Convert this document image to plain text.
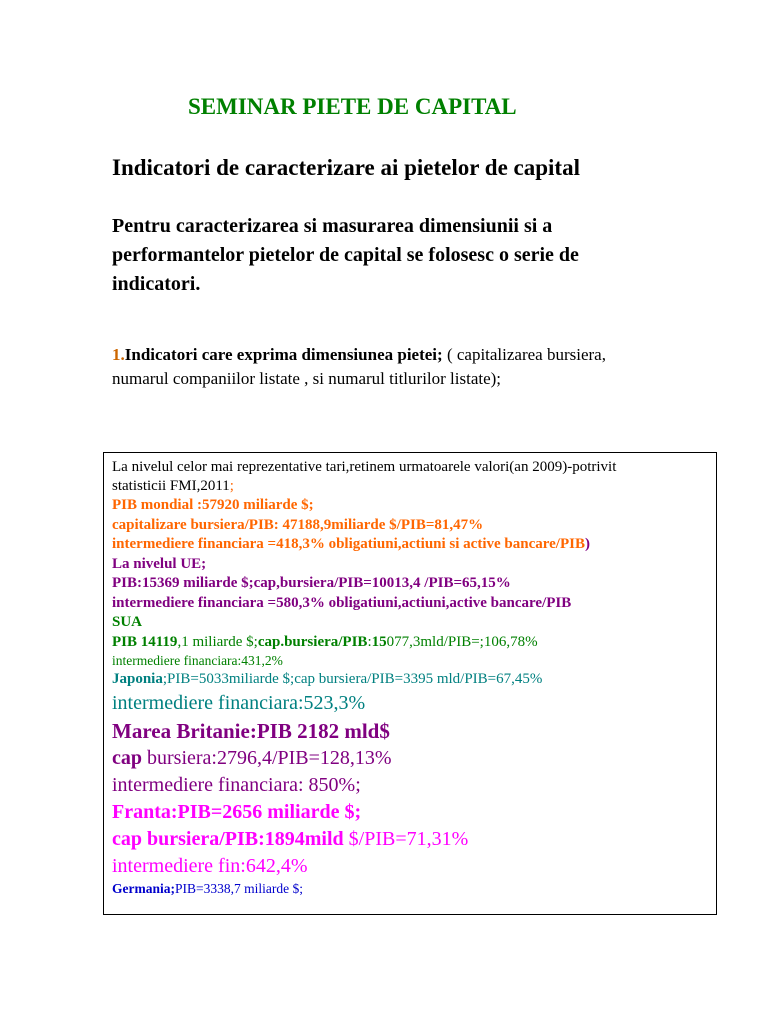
SEMINAR PIETE DE CAPITAL
Indicatori de caracterizare ai pietelor de capital
Pentru caracterizarea si masurarea dimensiunii si a
performantelor pietelor de capital se folosesc o serie de
indicatori.
1.Indicatori care exprima dimensiunea pietei; ( capitalizarea bursiera,
numarul companiilor listate , si numarul titlurilor listate);
La nivelul celor mai reprezentative tari,retinem urmatoarele valori(an 2009)-potrivit
statisticii FMI,2011;
PIB mondial :57920 miliarde $;
capitalizare bursiera/PIB: 47188,9miliarde $/PIB=81,47%
intermediere financiara =418,3% obligatiuni,actiuni si active bancare/PIB)
La nivelul UE;
PIB:15369 miliarde $;cap,bursiera/PIB=10013,4 /PIB=65,15%
intermediere financiara =580,3% obligatiuni,actiuni,active bancare/PIB
SUA
PIB 14119,1 miliarde $;cap.bursiera/PIB:15077,3mld/PIB=;106,78%
intermediere financiara:431,2%
Japonia;PIB=5033miliarde $;cap bursiera/PIB=3395 mld/PIB=67,45%
intermediere financiara:523,3%
Marea Britanie:PIB 2182 mld$
cap bursiera:2796,4/PIB=128,13%
intermediere financiara: 850%;
Franta:PIB=2656 miliarde $;
cap bursiera/PIB:1894mild $/PIB=71,31%
intermediere fin:642,4%
Germania;PIB=3338,7 miliarde $;
